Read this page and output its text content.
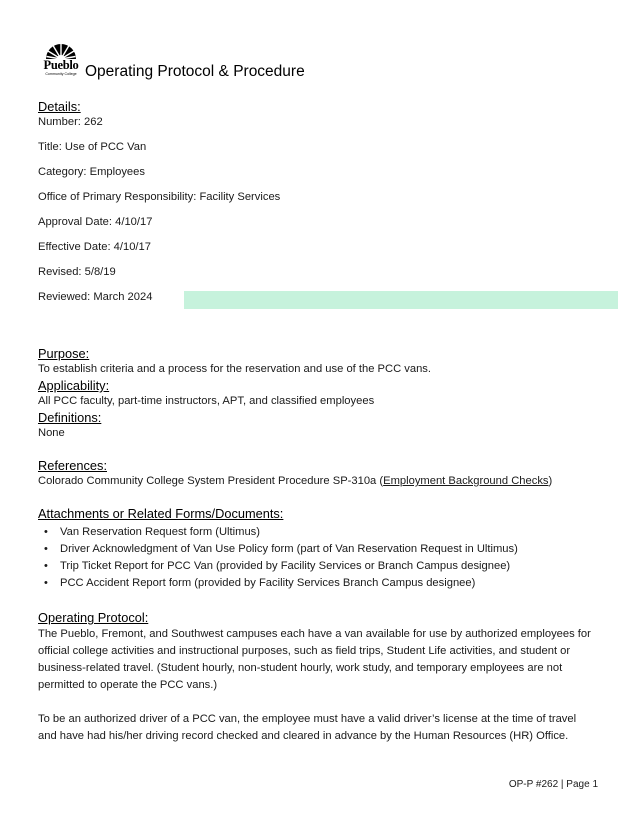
Pueblo
Community College Operating Protocol & Procedure
Details:
Number: 262
Title: Use of PCC Van
Category: Employees
Office of Primary Responsibility: Facility Services
Approval Date: 4/10/17
Effective Date: 4/10/17
Revised: 5/8/19
Reviewed: March 2024
Purpose:

To establish criteria and a process for the reservation and use of the PCC vans.

Applicability:

All PCC faculty, part-time instructors, APT, and classified employees

Definitions:

None

References:

Colorado Community College System President Procedure SP-310a (Employment Background Checks)

Attachments or Related Forms/Documents:
• Van Reservation Request form (Ultimus)
• Driver Acknowledgment of Van Use Policy form (part of Van Reservation Request in Ultimus)
• Trip Ticket Report for PCC Van (provided by Facility Services or Branch Campus designee)
• PCC Accident Report form (provided by Facility Services Branch Campus designee)
Operating Protocol:
The Pueblo, Fremont, and Southwest campuses each have a van available for use by authorized employees for
official college activities and instructional purposes, such as field trips, Student Life activities, and student or
business-related travel. (Student hourly, non-student hourly, work study, and temporary employees are not
permitted to operate the PCC vans.)
To be an authorized driver of a PCC van, the employee must have a valid driver’s license at the time of travel
and have had his/her driving record checked and cleared in advance by the Human Resources (HR) Office.
OP-P #262 | Page 1
